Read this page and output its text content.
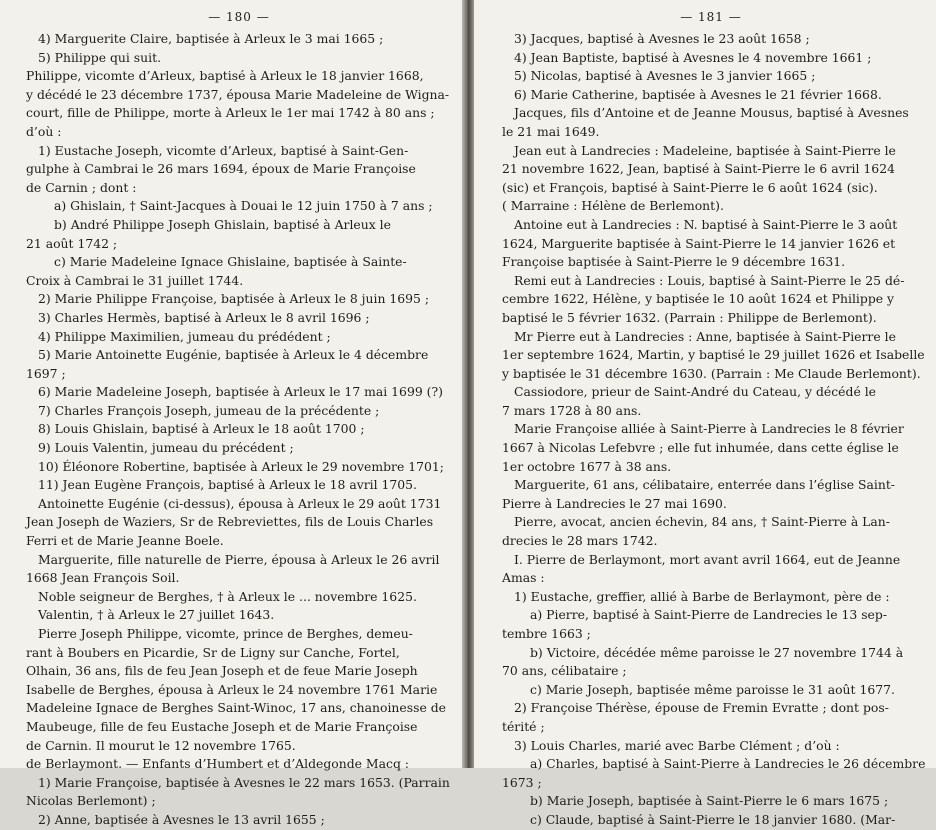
— 180 —
4) Marguerite Claire, baptisée à Arleux le 3 mai 1665 ;
5) Philippe qui suit.
Philippe, vicomte d’Arleux, baptisé à Arleux le 18 janvier 1668,
y décédé le 23 décembre 1737, épousa Marie Madeleine de Wigna-
court, fille de Philippe, morte à Arleux le 1er mai 1742 à 80 ans ;
d’où :
1) Eustache Joseph, vicomte d’Arleux, baptisé à Saint-Gen-
gulphe à Cambrai le 26 mars 1694, époux de Marie Françoise
de Carnin ; dont :
a) Ghislain, † Saint-Jacques à Douai le 12 juin 1750 à 7 ans ;
b) André Philippe Joseph Ghislain, baptisé à Arleux le
21 août 1742 ;
c) Marie Madeleine Ignace Ghislaine, baptisée à Sainte-
Croix à Cambrai le 31 juillet 1744.
2) Marie Philippe Françoise, baptisée à Arleux le 8 juin 1695 ;
3) Charles Hermès, baptisé à Arleux le 8 avril 1696 ;
4) Philippe Maximilien, jumeau du prédédent ;
5) Marie Antoinette Eugénie, baptisée à Arleux le 4 décembre
1697 ;
6) Marie Madeleine Joseph, baptisée à Arleux le 17 mai 1699 (?)
7) Charles François Joseph, jumeau de la précédente ;
8) Louis Ghislain, baptisé à Arleux le 18 août 1700 ;
9) Louis Valentin, jumeau du précédent ;
10) Éléonore Robertine, baptisée à Arleux le 29 novembre 1701;
11) Jean Eugène François, baptisé à Arleux le 18 avril 1705.
Antoinette Eugénie (ci-dessus), épousa à Arleux le 29 août 1731
Jean Joseph de Waziers, Sr de Rebreviettes, fils de Louis Charles
Ferri et de Marie Jeanne Boele.
Marguerite, fille naturelle de Pierre, épousa à Arleux le 26 avril
1668 Jean François Soil.
Noble seigneur de Berghes, † à Arleux le ... novembre 1625.
Valentin, † à Arleux le 27 juillet 1643.
Pierre Joseph Philippe, vicomte, prince de Berghes, demeu-
rant à Boubers en Picardie, Sr de Ligny sur Canche, Fortel,
Olhain, 36 ans, fils de feu Jean Joseph et de feue Marie Joseph
Isabelle de Berghes, épousa à Arleux le 24 novembre 1761 Marie
Madeleine Ignace de Berghes Saint-Winoc, 17 ans, chanoinesse de
Maubeuge, fille de feu Eustache Joseph et de Marie Françoise
de Carnin. Il mourut le 12 novembre 1765.
de Berlaymont. — Enfants d’Humbert et d’Aldegonde Macq :
1) Marie Françoise, baptisée à Avesnes le 22 mars 1653. (Parrain
Nicolas Berlemont) ;
2) Anne, baptisée à Avesnes le 13 avril 1655 ;
— 181 —
3) Jacques, baptisé à Avesnes le 23 août 1658 ;
4) Jean Baptiste, baptisé à Avesnes le 4 novembre 1661 ;
5) Nicolas, baptisé à Avesnes le 3 janvier 1665 ;
6) Marie Catherine, baptisée à Avesnes le 21 février 1668.
Jacques, fils d’Antoine et de Jeanne Mousus, baptisé à Avesnes
le 21 mai 1649.
Jean eut à Landrecies : Madeleine, baptisée à Saint-Pierre le
21 novembre 1622, Jean, baptisé à Saint-Pierre le 6 avril 1624
(sic) et François, baptisé à Saint-Pierre le 6 août 1624 (sic).
( Marraine : Hélène de Berlemont).
Antoine eut à Landrecies : N. baptisé à Saint-Pierre le 3 août
1624, Marguerite baptisée à Saint-Pierre le 14 janvier 1626 et
Françoise baptisée à Saint-Pierre le 9 décembre 1631.
Remi eut à Landrecies : Louis, baptisé à Saint-Pierre le 25 dé-
cembre 1622, Hélène, y baptisée le 10 août 1624 et Philippe y
baptisé le 5 février 1632. (Parrain : Philippe de Berlemont).
Mr Pierre eut à Landrecies : Anne, baptisée à Saint-Pierre le
1er septembre 1624, Martin, y baptisé le 29 juillet 1626 et Isabelle
y baptisée le 31 décembre 1630. (Parrain : Me Claude Berlemont).
Cassiodore, prieur de Saint-André du Cateau, y décédé le
7 mars 1728 à 80 ans.
Marie Françoise alliée à Saint-Pierre à Landrecies le 8 février
1667 à Nicolas Lefebvre ; elle fut inhumée, dans cette église le
1er octobre 1677 à 38 ans.
Marguerite, 61 ans, célibataire, enterrée dans l’église Saint-
Pierre à Landrecies le 27 mai 1690.
Pierre, avocat, ancien échevin, 84 ans, † Saint-Pierre à Lan-
drecies le 28 mars 1742.
I. Pierre de Berlaymont, mort avant avril 1664, eut de Jeanne
Amas :
1) Eustache, greffier, allié à Barbe de Berlaymont, père de :
a) Pierre, baptisé à Saint-Pierre de Landrecies le 13 sep-
tembre 1663 ;
b) Victoire, décédée même paroisse le 27 novembre 1744 à
70 ans, célibataire ;
c) Marie Joseph, baptisée même paroisse le 31 août 1677.
2) Françoise Thérèse, épouse de Fremin Evratte ; dont pos-
térité ;
3) Louis Charles, marié avec Barbe Clément ; d’où :
a) Charles, baptisé à Saint-Pierre à Landrecies le 26 décembre
1673 ;
b) Marie Joseph, baptisée à Saint-Pierre le 6 mars 1675 ;
c) Claude, baptisé à Saint-Pierre le 18 janvier 1680. (Mar-
